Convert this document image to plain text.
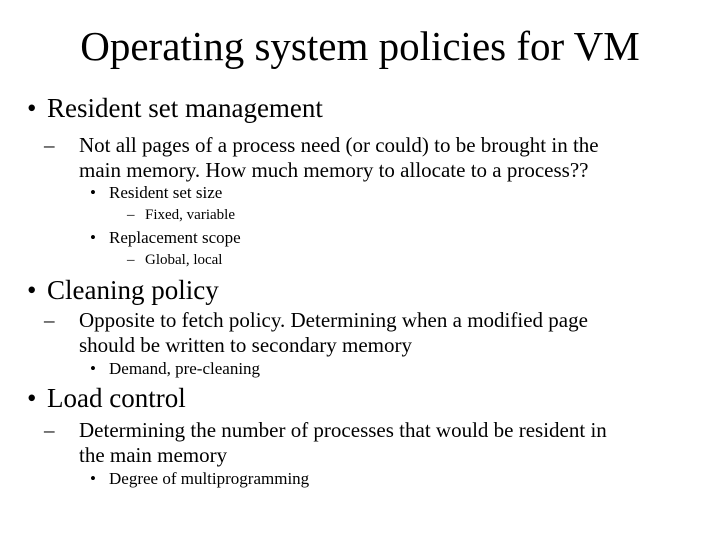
Operating system policies for VM
• Resident set management
– Not all pages of a process need (or could) to be brought in the
main memory. How much memory to allocate to a process??
• Resident set size
– Fixed, variable
• Replacement scope
– Global, local
• Cleaning policy
– Opposite to fetch policy. Determining when a modified page
should be written to secondary memory
• Demand, pre-cleaning
• Load control
– Determining the number of processes that would be resident in
the main memory
• Degree of multiprogramming
